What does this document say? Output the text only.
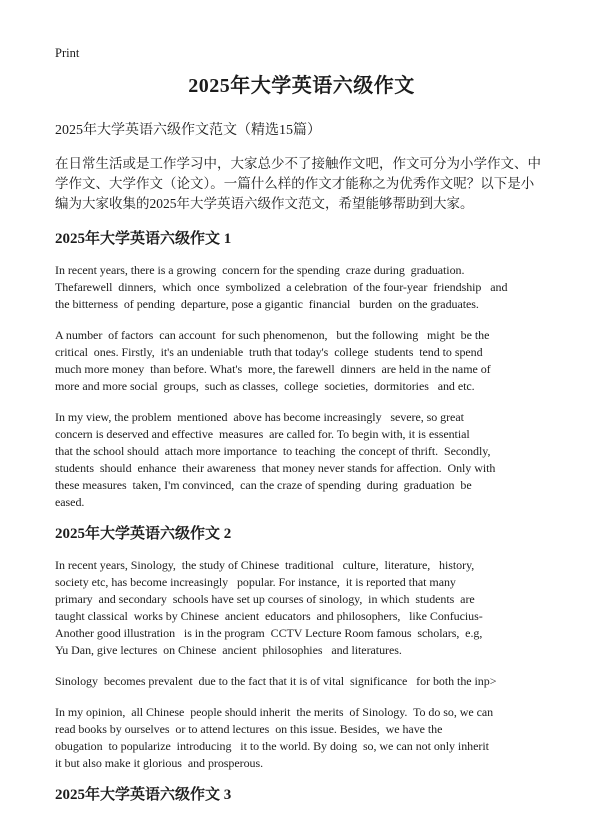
Print
2025年大学英语六级作文
2025年大学英语六级作文范文（精选15篇）
在日常生活或是工作学习中，大家总少不了接触作文吧，作文可分为小学作文、中
学作文、大学作文（论文）。一篇什么样的作文才能称之为优秀作文呢？以下是小
编为大家收集的2025年大学英语六级作文范文，希望能够帮助到大家。
2025年大学英语六级作文 1
In recent years, there is a growing  concern for the spending  craze during  graduation.
Thefarewell  dinners,  which  once  symbolized  a celebration  of the four-year  friendship   and
the bitterness  of pending  departure, pose a gigantic  financial   burden  on the graduates.
A number  of factors  can account  for such phenomenon,   but the following   might  be the
critical  ones. Firstly,  it's an undeniable  truth that today's  college  students  tend to spend
much more money  than before. What's  more, the farewell  dinners  are held in the name of
more and more social  groups,  such as classes,  college  societies,  dormitories   and etc.
In my view, the problem  mentioned  above has become increasingly   severe, so great
concern is deserved and effective  measures  are called for. To begin with, it is essential
that the school should  attach more importance  to teaching  the concept of thrift.  Secondly,
students  should  enhance  their awareness  that money never stands for affection.  Only with
these measures  taken, I'm convinced,  can the craze of spending  during  graduation  be
eased.
2025年大学英语六级作文 2
In recent years, Sinology,  the study of Chinese  traditional   culture,  literature,   history,
society etc, has become increasingly   popular. For instance,  it is reported that many
primary  and secondary  schools have set up courses of sinology,  in which  students  are
taught classical  works by Chinese  ancient  educators  and philosophers,   like Confucius-
Another good illustration   is in the program  CCTV Lecture Room famous  scholars,  e.g,
Yu Dan, give lectures  on Chinese  ancient  philosophies   and literatures.
Sinology  becomes prevalent  due to the fact that it is of vital  significance   for both the inp>
In my opinion,  all Chinese  people should inherit  the merits  of Sinology.  To do so, we can
read books by ourselves  or to attend lectures  on this issue. Besides,  we have the
obugation  to popularize  introducing   it to the world. By doing  so, we can not only inherit
it but also make it glorious  and prosperous.
2025年大学英语六级作文 3
